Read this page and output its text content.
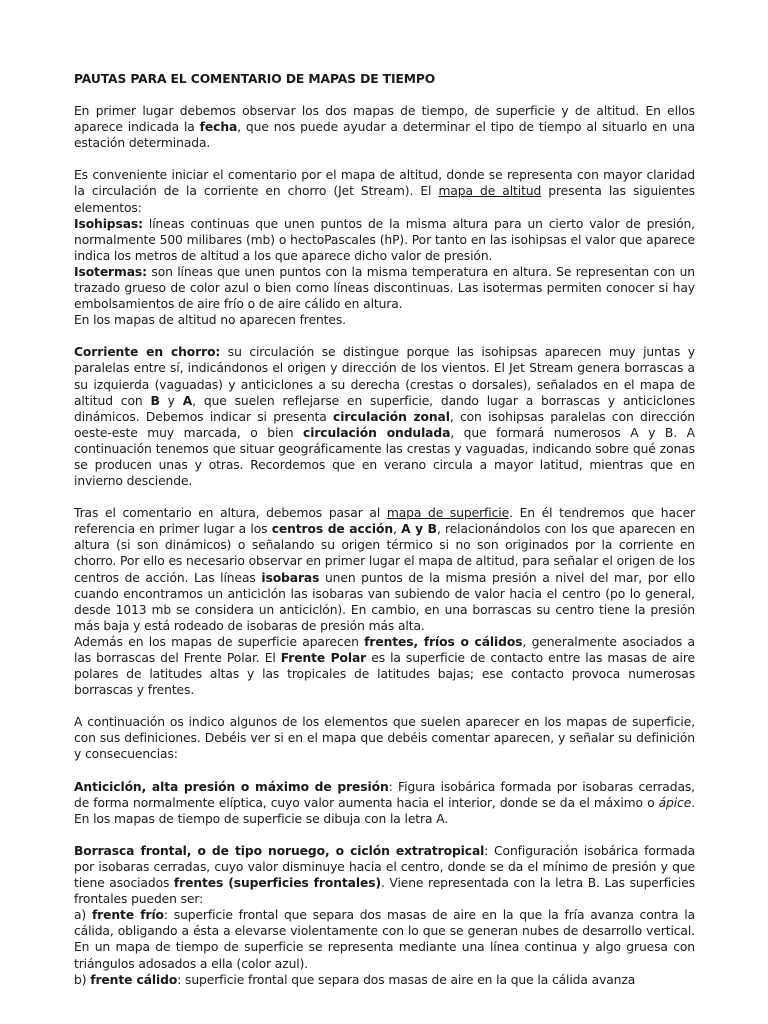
PAUTAS PARA EL COMENTARIO DE MAPAS DE TIEMPO

En primer lugar debemos observar los dos mapas de tiempo, de superficie y de altitud. En ellos aparece indicada la fecha, que nos puede ayudar a determinar el tipo de tiempo al situarlo en una estación determinada.

Es conveniente iniciar el comentario por el mapa de altitud, donde se representa con mayor claridad la circulación de la corriente en chorro (Jet Stream). El mapa de altitud presenta las siguientes elementos:

Isohipsas: líneas continuas que unen puntos de la misma altura para un cierto valor de presión, normalmente 500 milibares (mb) o hectoPascales (hP). Por tanto en las isohipsas el valor que aparece indica los metros de altitud a los que aparece dicho valor de presión.

Isotermas: son líneas que unen puntos con la misma temperatura en altura. Se representan con un trazado grueso de color azul o bien como líneas discontinuas. Las isotermas permiten conocer si hay embolsamientos de aire frío o de aire cálido en altura.

En los mapas de altitud no aparecen frentes.

Corriente en chorro: su circulación se distingue porque las isohipsas aparecen muy juntas y paralelas entre sí, indicándonos el origen y dirección de los vientos. El Jet Stream genera borrascas a su izquierda (vaguadas) y anticiclones a su derecha (crestas o dorsales), señalados en el mapa de altitud con B y A, que suelen reflejarse en superficie, dando lugar a borrascas y anticiclones dinámicos. Debemos indicar si presenta circulación zonal, con isohipsas paralelas con dirección oeste-este muy marcada, o bien circulación ondulada, que formará numerosos A y B. A continuación tenemos que situar geográficamente las crestas y vaguadas, indicando sobre qué zonas se producen unas y otras. Recordemos que en verano circula a mayor latitud, mientras que en invierno desciende.

Tras el comentario en altura, debemos pasar al mapa de superficie. En él tendremos que hacer referencia en primer lugar a los centros de acción, A y B, relacionándolos con los que aparecen en altura (si son dinámicos) o señalando su origen térmico si no son originados por la corriente en chorro. Por ello es necesario observar en primer lugar el mapa de altitud, para señalar el origen de los centros de acción. Las líneas isobaras unen puntos de la misma presión a nivel del mar, por ello cuando encontramos un anticiclón las isobaras van subiendo de valor hacia el centro (po lo general, desde 1013 mb se considera un anticiclón). En cambio, en una borrascas su centro tiene la presión más baja y está rodeado de isobaras de presión más alta.

Además en los mapas de superficie aparecen frentes, fríos o cálidos, generalmente asociados a las borrascas del Frente Polar. El Frente Polar es la superficie de contacto entre las masas de aire polares de latitudes altas y las tropicales de latitudes bajas; ese contacto provoca numerosas borrascas y frentes.

A continuación os indico algunos de los elementos que suelen aparecer en los mapas de superficie, con sus definiciones. Debéis ver si en el mapa que debéis comentar aparecen, y señalar su definición y consecuencias:

Anticiclón, alta presión o máximo de presión: Figura isobárica formada por isobaras cerradas, de forma normalmente elíptica, cuyo valor aumenta hacia el interior, donde se da el máximo o ápice. En los mapas de tiempo de superficie se dibuja con la letra A.

Borrasca frontal, o de tipo noruego, o ciclón extratropical: Configuración isobárica formada por isobaras cerradas, cuyo valor disminuye hacia el centro, donde se da el mínimo de presión y que tiene asociados frentes (superficies frontales). Viene representada con la letra B. Las superficies frontales pueden ser:

a) frente frío: superficie frontal que separa dos masas de aire en la que la fría avanza contra la cálida, obligando a ésta a elevarse violentamente con lo que se generan nubes de desarrollo vertical. En un mapa de tiempo de superficie se representa mediante una línea continua y algo gruesa con triángulos adosados a ella (color azul).

b) frente cálido: superficie frontal que separa dos masas de aire en la que la cálida avanza
